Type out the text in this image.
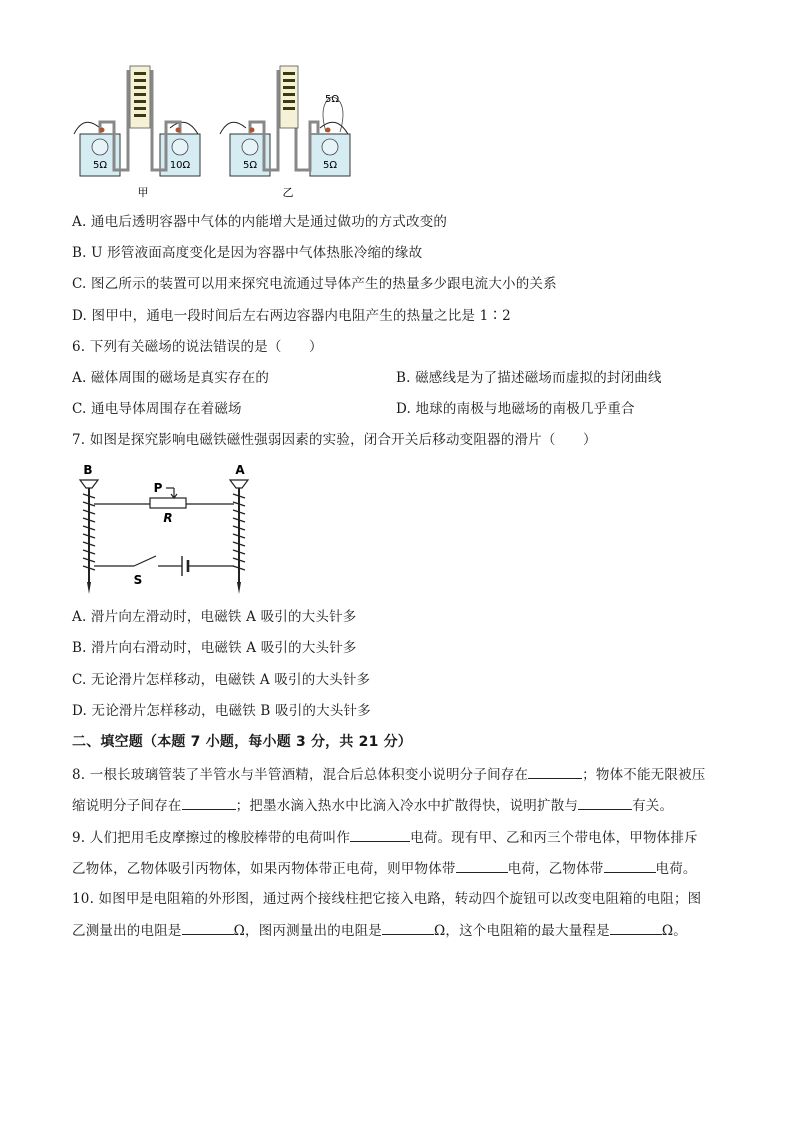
5Ω	10Ω
甲
5Ω	5Ω
5Ω
乙
A. 通电后透明容器中气体的内能增大是通过做功的方式改变的
B. U 形管液面高度变化是因为容器中气体热胀冷缩的缘故
C. 图乙所示的装置可以用来探究电流通过导体产生的热量多少跟电流大小的关系
D. 图甲中，通电一段时间后左右两边容器内电阻产生的热量之比是 1∶2
6. 下列有关磁场的说法错误的是（　　）
A. 磁体周围的磁场是真实存在的	B. 磁感线是为了描述磁场而虚拟的封闭曲线
C. 通电导体周围存在着磁场	D. 地球的南极与地磁场的南极几乎重合
7. 如图是探究影响电磁铁磁性强弱因素的实验，闭合开关后移动变阻器的滑片（　　）
B	A
P
R
S
A. 滑片向左滑动时，电磁铁 A 吸引的大头针多
B. 滑片向右滑动时，电磁铁 A 吸引的大头针多
C. 无论滑片怎样移动，电磁铁 A 吸引的大头针多
D. 无论滑片怎样移动，电磁铁 B 吸引的大头针多
二、填空题（本题 7 小题，每小题 3 分，共 21 分）
8. 一根长玻璃管装了半管水与半管酒精，混合后总体积变小说明分子间存在	；物体不能无限被压
缩说明分子间存在	；把墨水滴入热水中比滴入冷水中扩散得快，说明扩散与	有关。
9. 人们把用毛皮摩擦过的橡胶棒带的电荷叫作	电荷。现有甲、乙和丙三个带电体，甲物体排斥
乙物体，乙物体吸引丙物体，如果丙物体带正电荷，则甲物体带	电荷，乙物体带	电荷。
10. 如图甲是电阻箱的外形图，通过两个接线柱把它接入电路，转动四个旋钮可以改变电阻箱的电阻；图
乙测量出的电阻是	Ω，图丙测量出的电阻是	Ω，这个电阻箱的最大量程是	Ω。
